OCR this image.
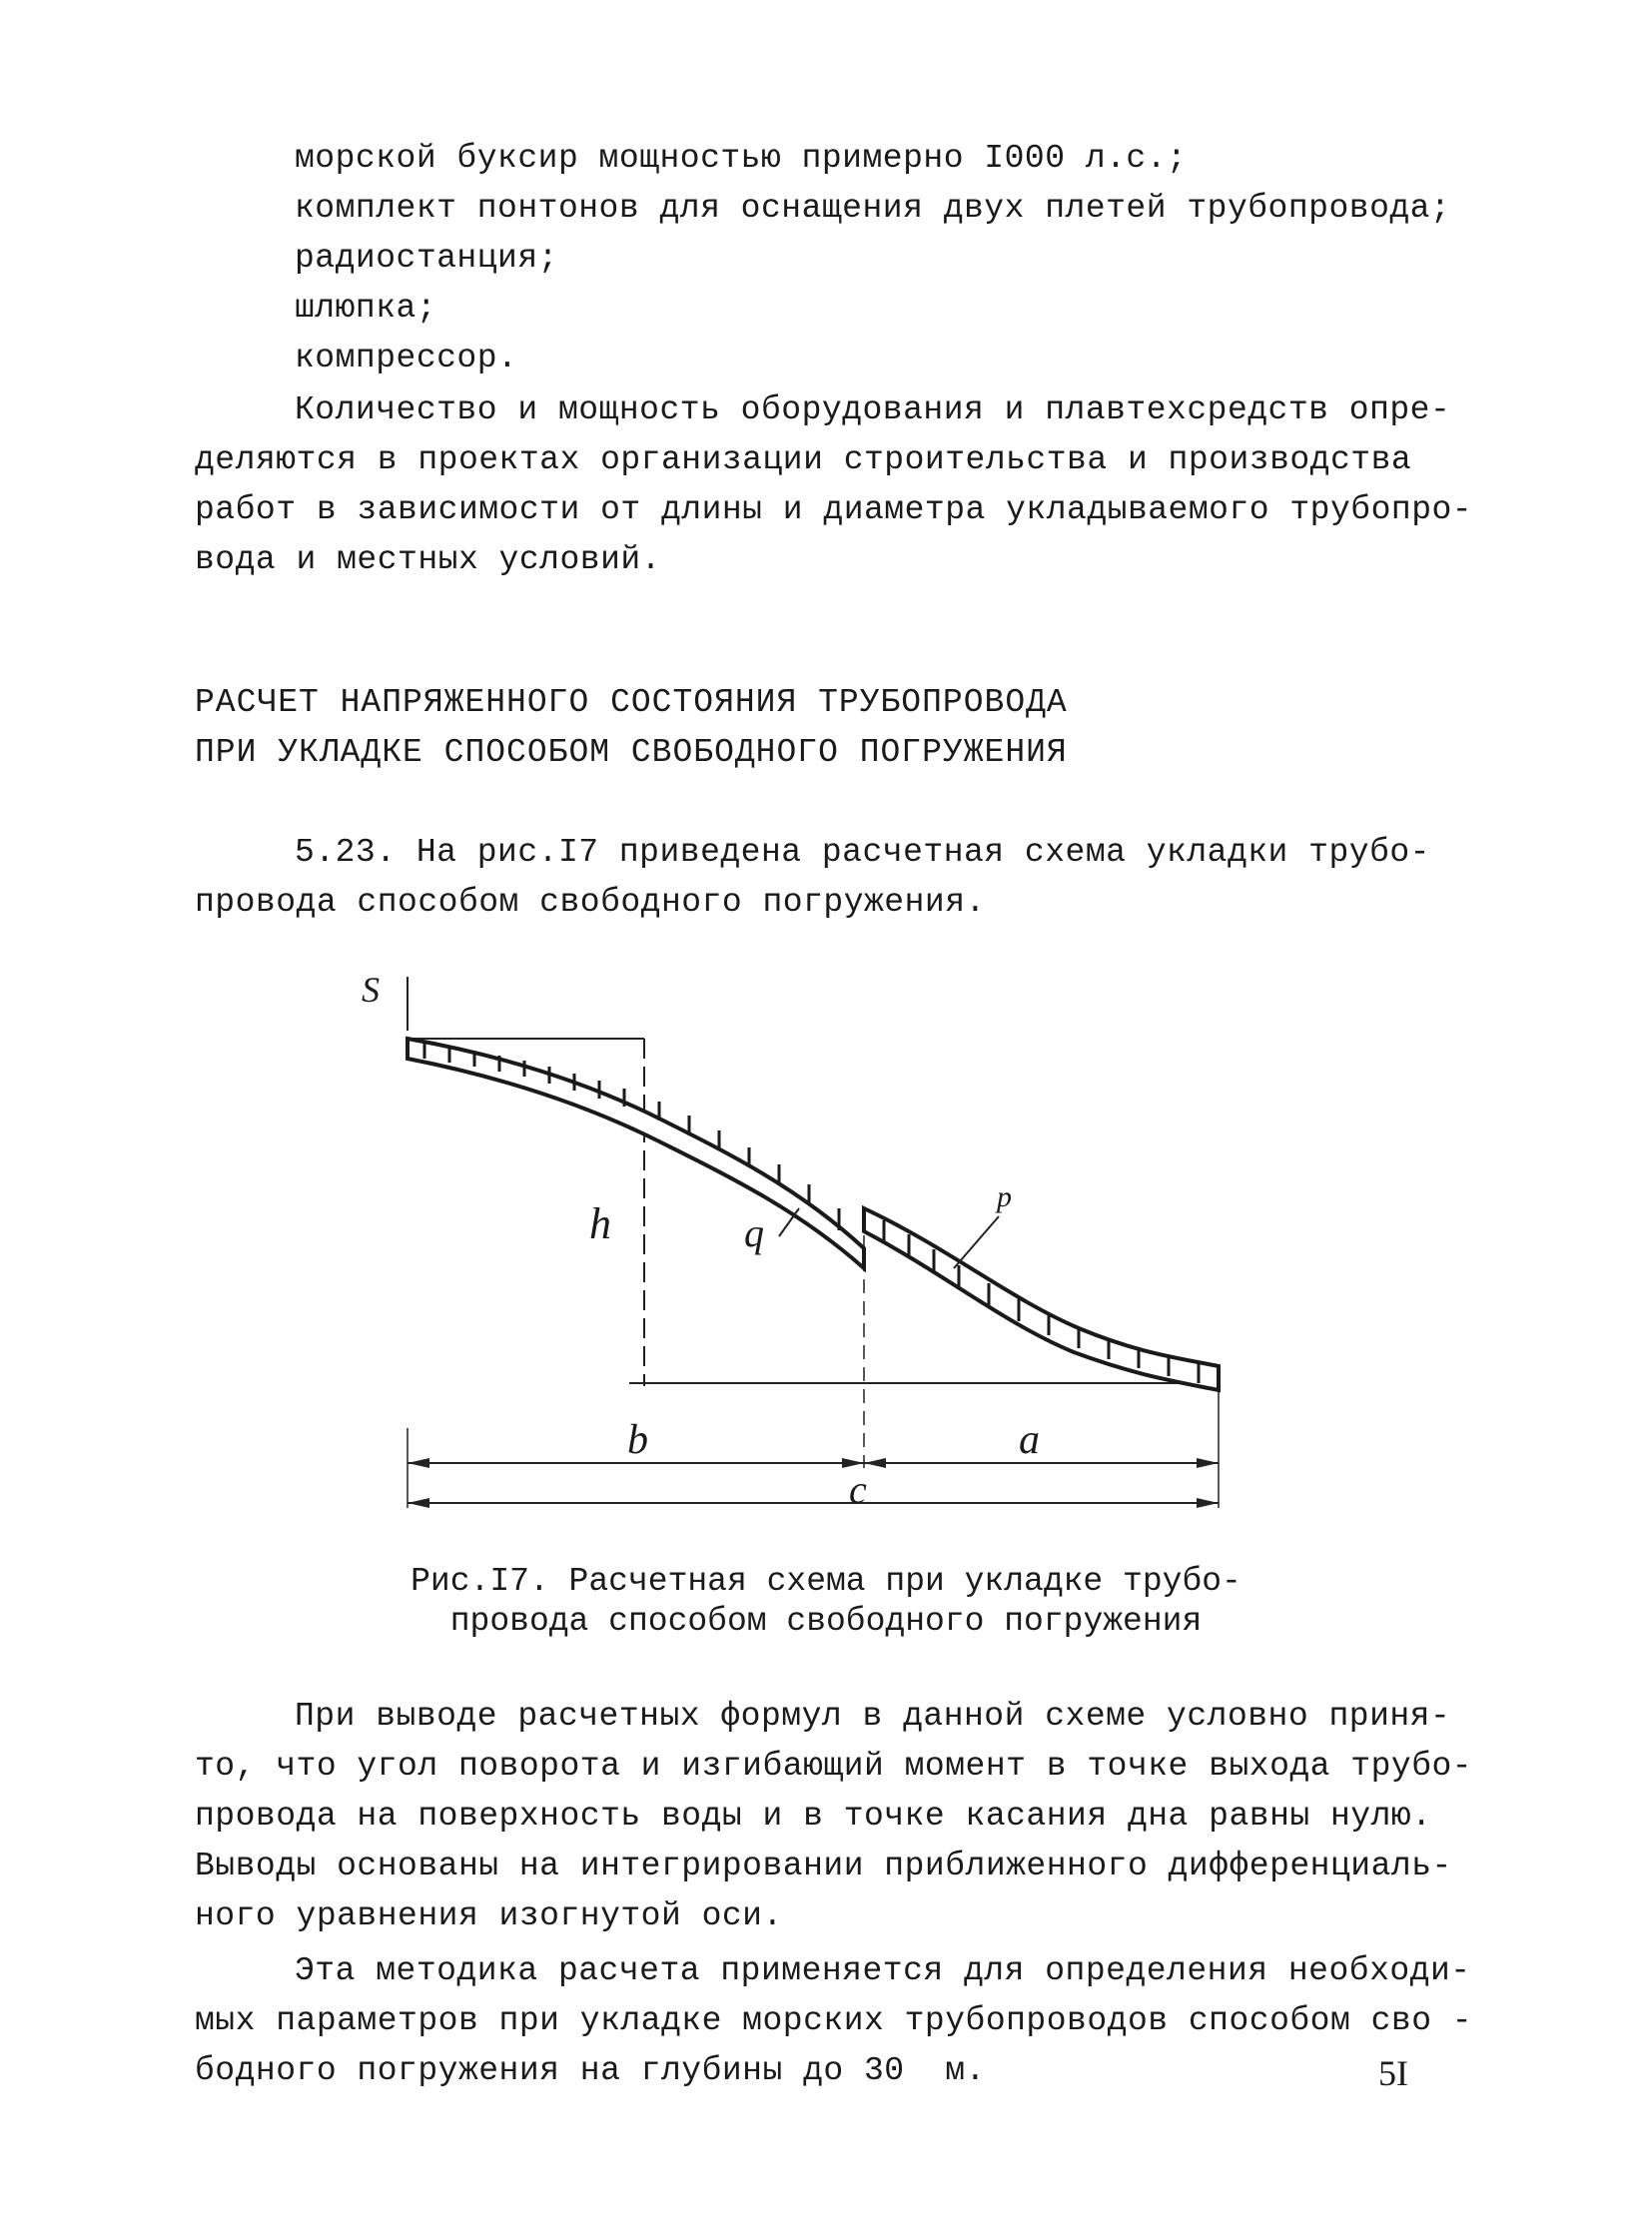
морской буксир мощностью примерно I000 л.с.;
комплект понтонов для оснащения двух плетей трубопровода;
радиостанция;
шлюпка;
компрессор.
Количество и мощность оборудования и плавтехсредств опре-
деляются в проектах организации строительства и производства
работ в зависимости от длины и диаметра укладываемого трубопро-
вода и местных условий.
РАСЧЕТ НАПРЯЖЕННОГО СОСТОЯНИЯ ТРУБОПРОВОДА
ПРИ УКЛАДКЕ СПОСОБОМ СВОБОДНОГО ПОГРУЖЕНИЯ
5.23. На рис.I7 приведена расчетная схема укладки трубо-
провода способом свободного погружения.
S
h	q
p
b
c
a
Рис.I7. Расчетная схема при укладке трубо-
провода способом свободного погружения
При выводе расчетных формул в данной схеме условно приня-
то, что угол поворота и изгибающий момент в точке выхода трубо-
провода на поверхность воды и в точке касания дна равны нулю.
Выводы основаны на интегрировании приближенного дифференциаль-
ного уравнения изогнутой оси.
Эта методика расчета применяется для определения необходи-
мых параметров при укладке морских трубопроводов способом сво -
бодного погружения на глубины до 30  м.	5I
